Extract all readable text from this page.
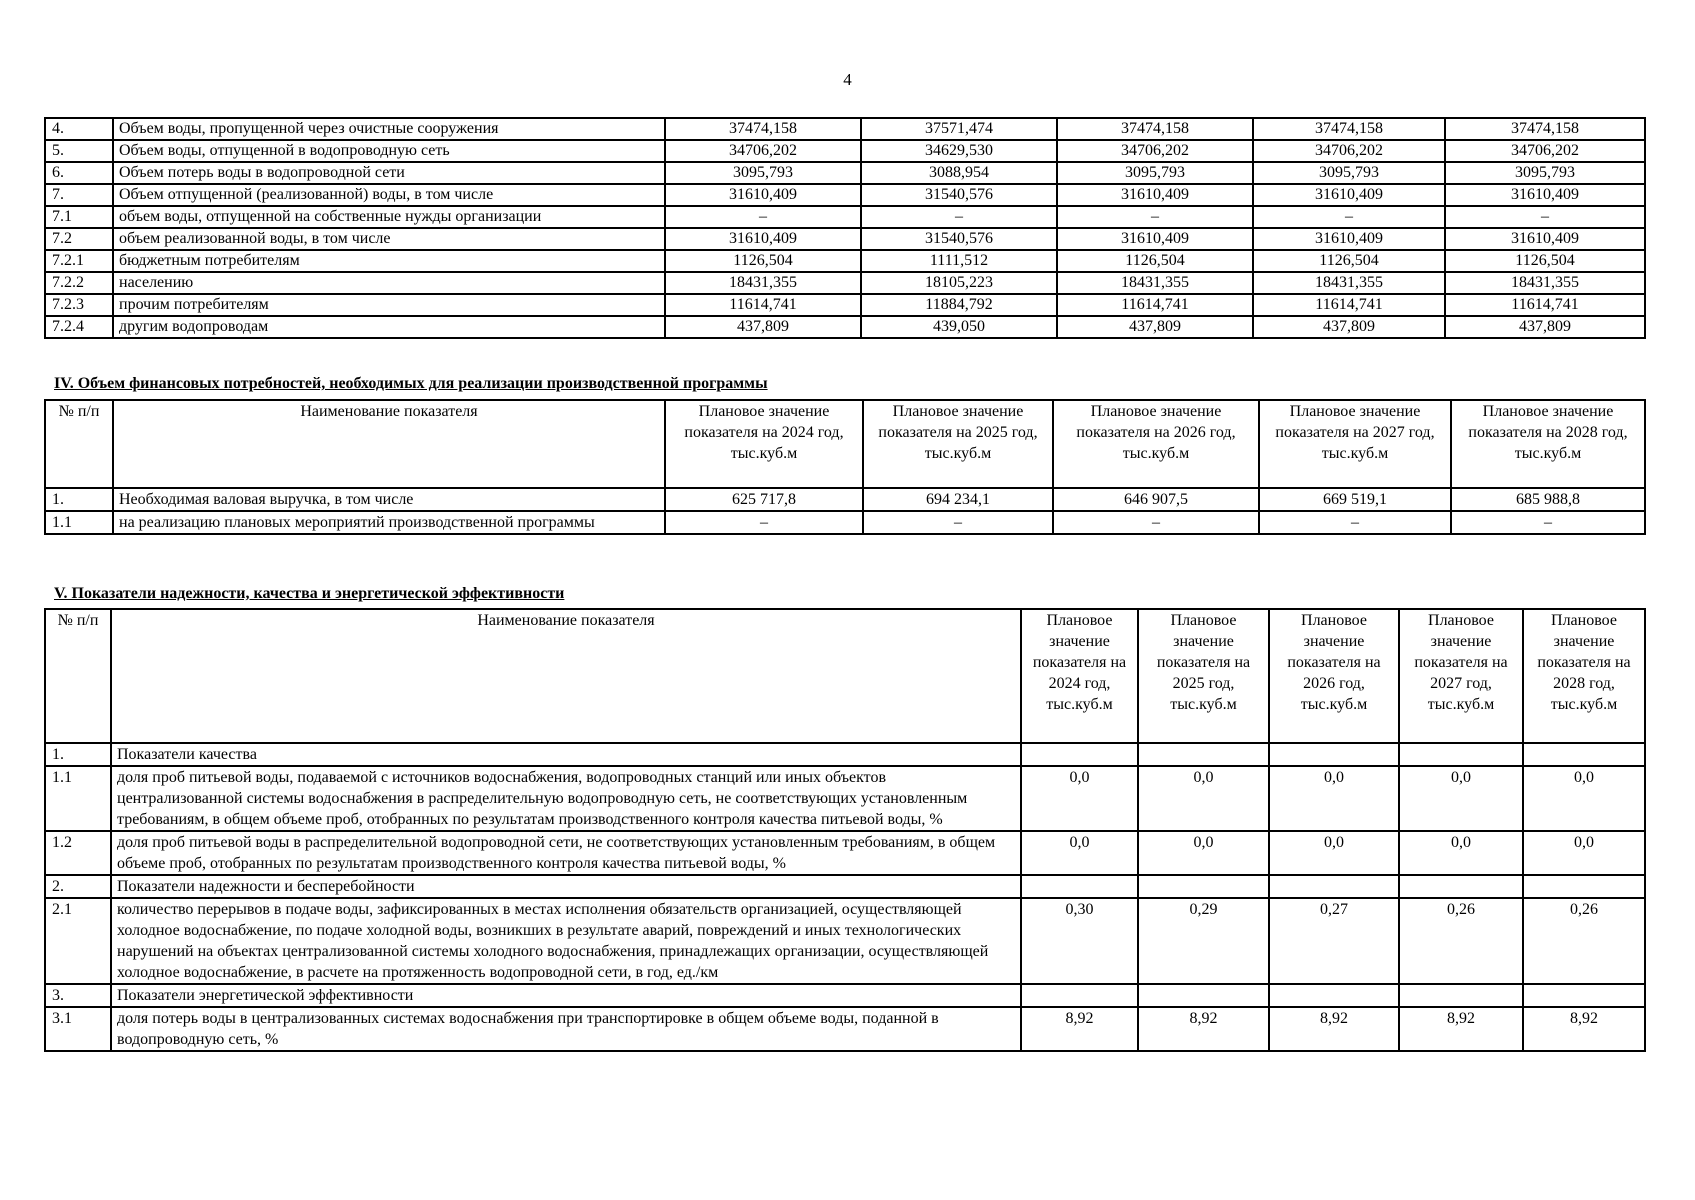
4
4.	Объем воды, пропущенной через очистные сооружения	37474,158	37571,474	37474,158	37474,158	37474,158
5.	Объем воды, отпущенной в водопроводную сеть	34706,202	34629,530	34706,202	34706,202	34706,202
6.	Объем потерь воды в водопроводной сети	3095,793	3088,954	3095,793	3095,793	3095,793
7.	Объем отпущенной (реализованной) воды, в том числе	31610,409	31540,576	31610,409	31610,409	31610,409
7.1	объем воды, отпущенной на собственные нужды организации	–	–	–	–	–
7.2	объем реализованной воды, в том числе	31610,409	31540,576	31610,409	31610,409	31610,409
7.2.1	бюджетным потребителям	1126,504	1111,512	1126,504	1126,504	1126,504
7.2.2	населению	18431,355	18105,223	18431,355	18431,355	18431,355
7.2.3	прочим потребителям	11614,741	11884,792	11614,741	11614,741	11614,741
7.2.4	другим водопроводам	437,809	439,050	437,809	437,809	437,809
IV. Объем финансовых потребностей, необходимых для реализации производственной программы
№ п/п	Наименование показателя	Плановое значение показателя на 2024 год, тыс.куб.м	Плановое значение показателя на 2025 год, тыс.куб.м	Плановое значение показателя на 2026 год, тыс.куб.м	Плановое значение показателя на 2027 год, тыс.куб.м	Плановое значение показателя на 2028 год, тыс.куб.м
1.	Необходимая валовая выручка, в том числе	625 717,8	694 234,1	646 907,5	669 519,1	685 988,8
1.1	на реализацию плановых мероприятий производственной программы	–	–	–	–	–
V. Показатели надежности, качества и энергетической эффективности
№ п/п	Наименование показателя	Плановое значение показателя на 2024 год, тыс.куб.м	Плановое значение показателя на 2025 год, тыс.куб.м	Плановое значение показателя на 2026 год, тыс.куб.м	Плановое значение показателя на 2027 год, тыс.куб.м	Плановое значение показателя на 2028 год, тыс.куб.м
1.	Показатели качества					
1.1	доля проб питьевой воды, подаваемой с источников водоснабжения, водопроводных станций или иных объектов централизованной системы водоснабжения в распределительную водопроводную сеть, не соответствующих установленным требованиям, в общем объеме проб, отобранных по результатам производственного контроля качества питьевой воды, %	0,0	0,0	0,0	0,0	0,0
1.2	доля проб питьевой воды в распределительной водопроводной сети, не соответствующих установленным требованиям, в общем объеме проб, отобранных по результатам производственного контроля качества питьевой воды, %	0,0	0,0	0,0	0,0	0,0
2.	Показатели надежности и бесперебойности					
2.1	количество перерывов в подаче воды, зафиксированных в местах исполнения обязательств организацией, осуществляющей холодное водоснабжение, по подаче холодной воды, возникших в результате аварий, повреждений и иных технологических нарушений на объектах централизованной системы холодного водоснабжения, принадлежащих организации, осуществляющей холодное водоснабжение, в расчете на протяженность водопроводной сети, в год, ед./км	0,30	0,29	0,27	0,26	0,26
3.	Показатели энергетической эффективности					
3.1	доля потерь воды в централизованных системах водоснабжения при транспортировке в общем объеме воды, поданной в водопроводную сеть, %	8,92	8,92	8,92	8,92	8,92
